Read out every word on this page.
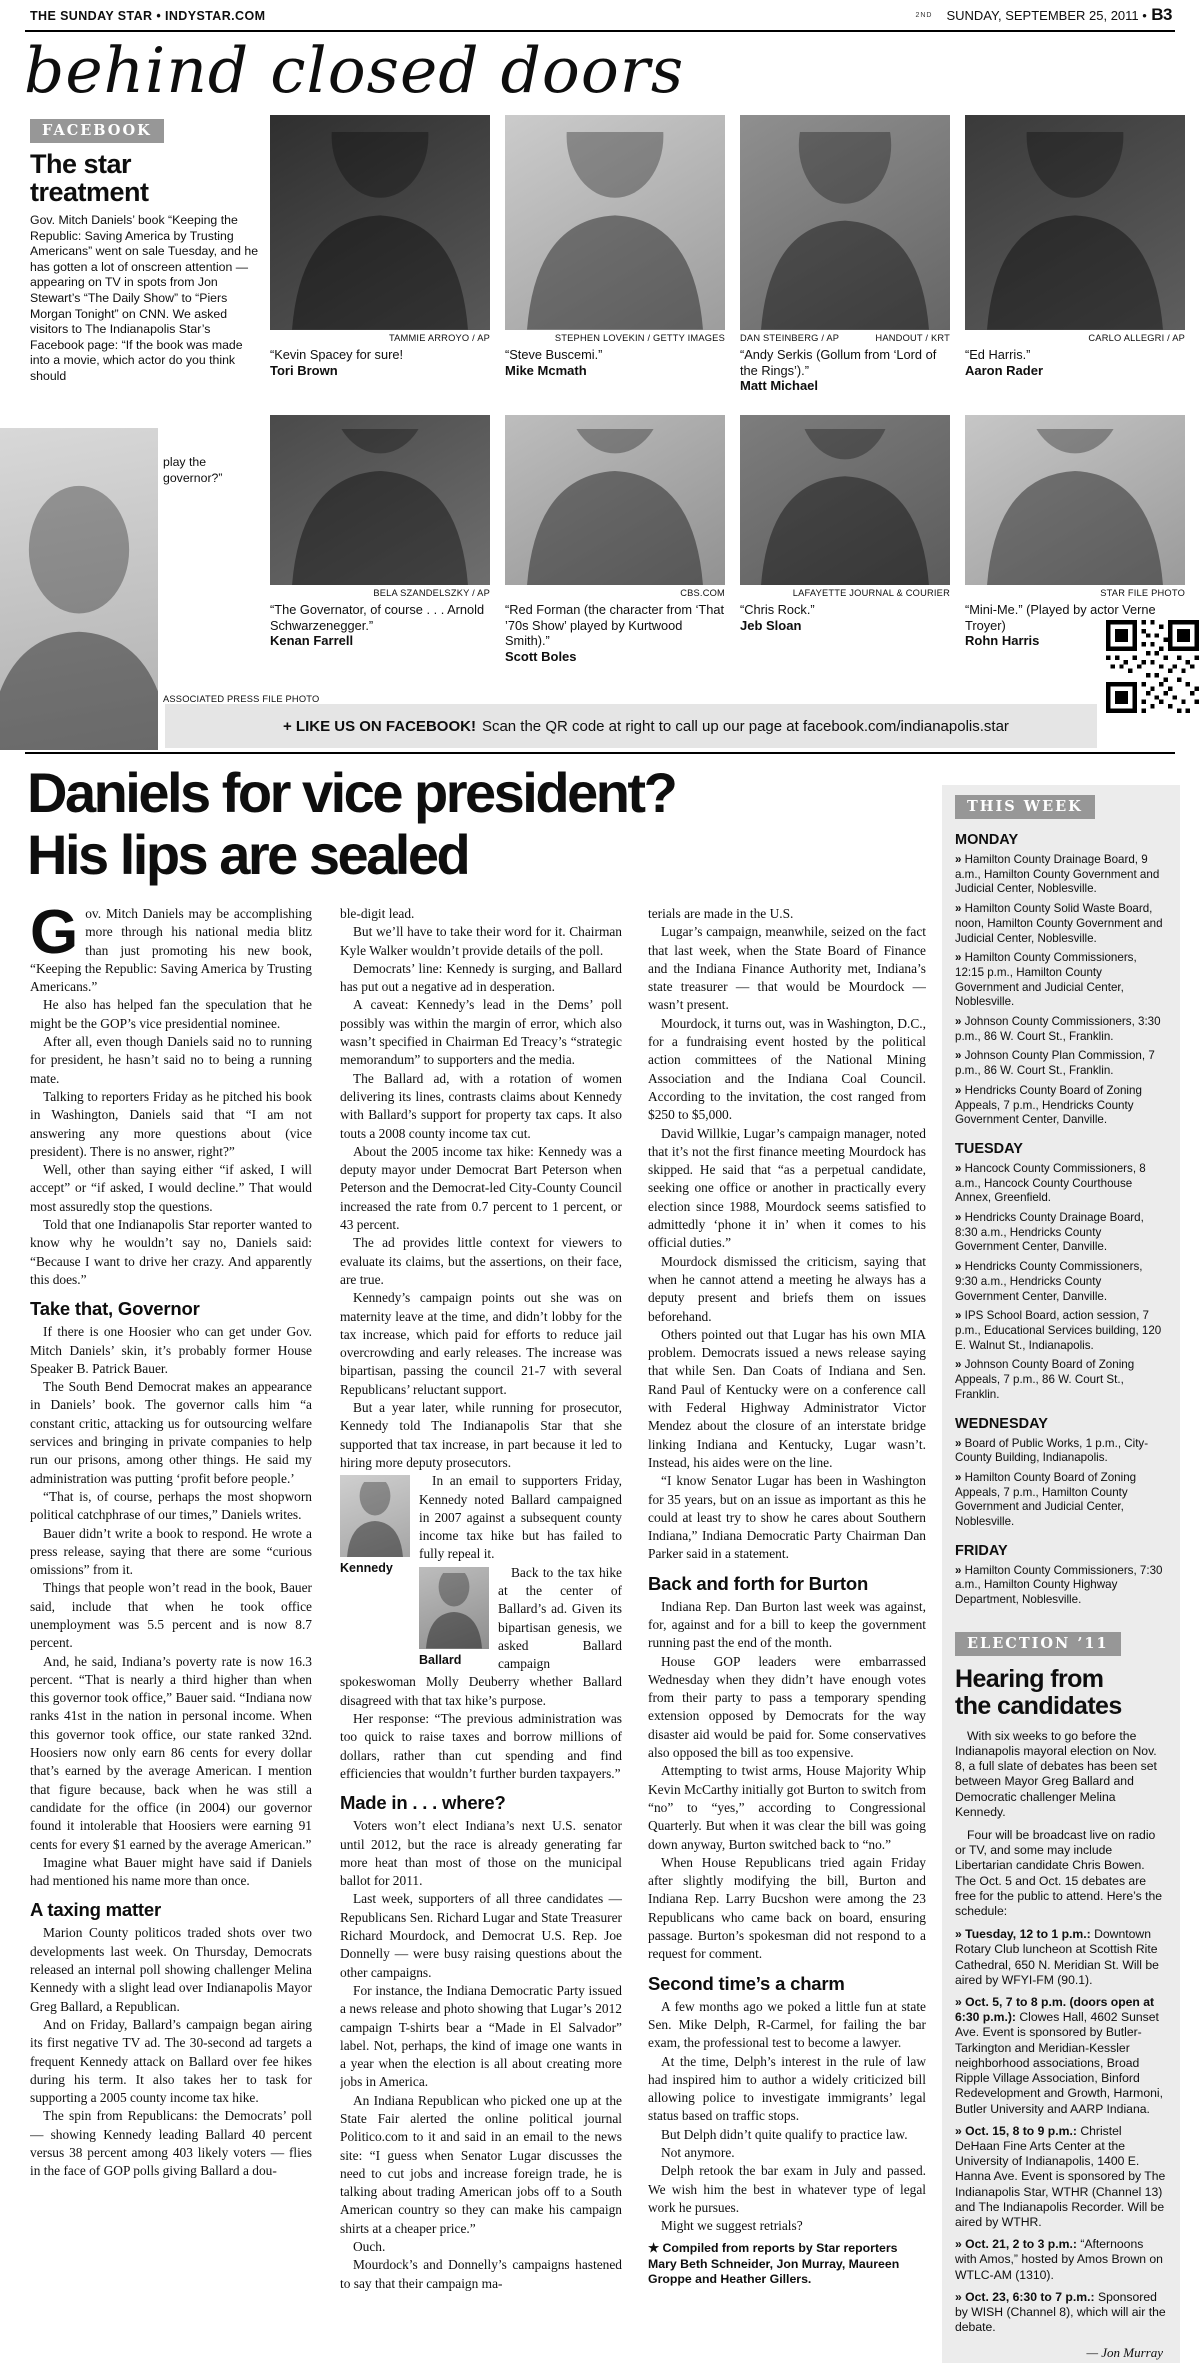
THE SUNDAY STAR • INDYSTAR.COM	2ND SUNDAY, SEPTEMBER 25, 2011 • B3
behind closed doors
FACEBOOK
The star treatment
Gov. Mitch Daniels’ book “Keeping the Republic: Saving America by Trusting Americans” went on sale Tuesday, and he has gotten a lot of onscreen attention — appearing on TV in spots from Jon Stewart’s “The Daily Show” to “Piers Morgan Tonight” on CNN. We asked visitors to The Indianapolis Star’s Facebook page: “If the book was made into a movie, which actor do you think should
play the governor?”
ASSOCIATED PRESS FILE PHOTO
TAMMIE ARROYO / AP
“Kevin Spacey for sure!
Tori Brown
STEPHEN LOVEKIN / GETTY IMAGES
“Steve Buscemi.”
Mike Mcmath
DAN STEINBERG / AP	HANDOUT / KRT
“Andy Serkis (Gollum from ‘Lord of the Rings’).”
Matt Michael
CARLO ALLEGRI / AP
“Ed Harris.”
Aaron Rader
BELA SZANDELSZKY / AP
“The Governator, of course . . . Arnold Schwarzenegger.”
Kenan Farrell
CBS.COM
“Red Forman (the character from ‘That ’70s Show’ played by Kurtwood Smith).”
Scott Boles
LAFAYETTE JOURNAL & COURIER
“Chris Rock.”
Jeb Sloan
STAR FILE PHOTO
“Mini-Me.” (Played by actor Verne Troyer)
Rohn Harris
+ LIKE US ON FACEBOOK! Scan the QR code at right to call up our page at facebook.com/indianapolis.star
Daniels for vice president?
His lips are sealed

Gov. Mitch Daniels may be accomplishing more through his national media blitz than just promoting his new book, “Keeping the Republic: Saving America by Trusting Americans.”

He also has helped fan the speculation that he might be the GOP’s vice presidential nominee.

After all, even though Daniels said no to running for president, he hasn’t said no to being a running mate.

Talking to reporters Friday as he pitched his book in Washington, Daniels said that “I am not answering any more questions about (vice president). There is no answer, right?”

Well, other than saying either “if asked, I will accept” or “if asked, I would decline.” That would most assuredly stop the questions.

Told that one Indianapolis Star reporter wanted to know why he wouldn’t say no, Daniels said: “Because I want to drive her crazy. And apparently this does.”

Take that, Governor

If there is one Hoosier who can get under Gov. Mitch Daniels’ skin, it’s probably former House Speaker B. Patrick Bauer.

The South Bend Democrat makes an appearance in Daniels’ book. The governor calls him “a constant critic, attacking us for outsourcing welfare services and bringing in private companies to help run our prisons, among other things. He said my administration was putting ‘profit before people.’

“That is, of course, perhaps the most shopworn political catchphrase of our times,” Daniels writes.

Bauer didn’t write a book to respond. He wrote a press release, saying that there are some “curious omissions” from it.

Things that people won’t read in the book, Bauer said, include that when he took office unemployment was 5.5 percent and is now 8.7 percent.

And, he said, Indiana’s poverty rate is now 16.3 percent. “That is nearly a third higher than when this governor took office,” Bauer said. “Indiana now ranks 41st in the nation in personal income. When this governor took office, our state ranked 32nd. Hoosiers now only earn 86 cents for every dollar that’s earned by the average American. I mention that figure because, back when he was still a candidate for the office (in 2004) our governor found it intolerable that Hoosiers were earning 91 cents for every $1 earned by the average American.”

Imagine what Bauer might have said if Daniels had mentioned his name more than once.

A taxing matter

Marion County politicos traded shots over two developments last week. On Thursday, Democrats released an internal poll showing challenger Melina Kennedy with a slight lead over Indianapolis Mayor Greg Ballard, a Republican.

And on Friday, Ballard’s campaign began airing its first negative TV ad. The 30-second ad targets a frequent Kennedy attack on Ballard over fee hikes during his term. It also takes her to task for supporting a 2005 county income tax hike.

The spin from Republicans: the Democrats’ poll — showing Kennedy leading Ballard 40 percent versus 38 percent among 403 likely voters — flies in the face of GOP polls giving Ballard a dou-

ble-digit lead.

But we’ll have to take their word for it. Chairman Kyle Walker wouldn’t provide details of the poll.

Democrats’ line: Kennedy is surging, and Ballard has put out a negative ad in desperation.

A caveat: Kennedy’s lead in the Dems’ poll possibly was within the margin of error, which also wasn’t specified in Chairman Ed Treacy’s “strategic memorandum” to supporters and the media.

The Ballard ad, with a rotation of women delivering its lines, contrasts claims about Kennedy with Ballard’s support for property tax caps. It also touts a 2008 county income tax cut.

About the 2005 income tax hike: Kennedy was a deputy mayor under Democrat Bart Peterson when Peterson and the Democrat-led City-County Council increased the rate from 0.7 percent to 1 percent, or 43 percent.

The ad provides little context for viewers to evaluate its claims, but the assertions, on their face, are true.

Kennedy’s campaign points out she was on maternity leave at the time, and didn’t lobby for the tax increase, which paid for efforts to reduce jail overcrowding and early releases. The increase was bipartisan, passing the council 21-7 with several Republicans’ reluctant support.

But a year later, while running for prosecutor, Kennedy told The Indianapolis Star that she supported that tax increase, in part because it led to hiring more deputy prosecutors.

Kennedy

In an email to supporters Friday, Kennedy noted Ballard campaigned in 2007 against a subsequent county income tax hike but has failed to fully repeal it.

Ballard

Back to the tax hike at the center of Ballard’s ad. Given its bipartisan genesis, we asked Ballard campaign spokeswoman Molly Deuberry whether Ballard disagreed with that tax hike’s purpose.

Her response: “The previous administration was too quick to raise taxes and borrow millions of dollars, rather than cut spending and find efficiencies that wouldn’t further burden taxpayers.”

Made in . . . where?

Voters won’t elect Indiana’s next U.S. senator until 2012, but the race is already generating far more heat than most of those on the municipal ballot for 2011.

Last week, supporters of all three candidates — Republicans Sen. Richard Lugar and State Treasurer Richard Mourdock, and Democrat U.S. Rep. Joe Donnelly — were busy raising questions about the other campaigns.

For instance, the Indiana Democratic Party issued a news release and photo showing that Lugar’s 2012 campaign T-shirts bear a “Made in El Salvador” label. Not, perhaps, the kind of image one wants in a year when the election is all about creating more jobs in America.

An Indiana Republican who picked one up at the State Fair alerted the online political journal Politico.com to it and said in an email to the news site: “I guess when Senator Lugar discusses the need to cut jobs and increase foreign trade, he is talking about trading American jobs off to a South American country so they can make his campaign shirts at a cheaper price.”

Ouch.

Mourdock’s and Donnelly’s campaigns hastened to say that their campaign ma-

terials are made in the U.S.

Lugar’s campaign, meanwhile, seized on the fact that last week, when the State Board of Finance and the Indiana Finance Authority met, Indiana’s state treasurer — that would be Mourdock — wasn’t present.

Mourdock, it turns out, was in Washington, D.C., for a fundraising event hosted by the political action committees of the National Mining Association and the Indiana Coal Council. According to the invitation, the cost ranged from $250 to $5,000.

David Willkie, Lugar’s campaign manager, noted that it’s not the first finance meeting Mourdock has skipped. He said that “as a perpetual candidate, seeking one office or another in practically every election since 1988, Mourdock seems satisfied to admittedly ‘phone it in’ when it comes to his official duties.”

Mourdock dismissed the criticism, saying that when he cannot attend a meeting he always has a deputy present and briefs them on issues beforehand.

Others pointed out that Lugar has his own MIA problem. Democrats issued a news release saying that while Sen. Dan Coats of Indiana and Sen. Rand Paul of Kentucky were on a conference call with Federal Highway Administrator Victor Mendez about the closure of an interstate bridge linking Indiana and Kentucky, Lugar wasn’t. Instead, his aides were on the line.

“I know Senator Lugar has been in Washington for 35 years, but on an issue as important as this he could at least try to show he cares about Southern Indiana,” Indiana Democratic Party Chairman Dan Parker said in a statement.

Back and forth for Burton

Indiana Rep. Dan Burton last week was against, for, against and for a bill to keep the government running past the end of the month.

House GOP leaders were embarrassed Wednesday when they didn’t have enough votes from their party to pass a temporary spending extension opposed by Democrats for the way disaster aid would be paid for. Some conservatives also opposed the bill as too expensive.

Attempting to twist arms, House Majority Whip Kevin McCarthy initially got Burton to switch from “no” to “yes,” according to Congressional Quarterly. But when it was clear the bill was going down anyway, Burton switched back to “no.”

When House Republicans tried again Friday after slightly modifying the bill, Burton and Indiana Rep. Larry Bucshon were among the 23 Republicans who came back on board, ensuring passage. Burton’s spokesman did not respond to a request for comment.

Second time’s a charm

A few months ago we poked a little fun at state Sen. Mike Delph, R-Carmel, for failing the bar exam, the professional test to become a lawyer.

At the time, Delph’s interest in the rule of law had inspired him to author a widely criticized bill allowing police to investigate immigrants’ legal status based on traffic stops.

But Delph didn’t quite qualify to practice law.

Not anymore.

Delph retook the bar exam in July and passed. We wish him the best in whatever type of legal work he pursues.

Might we suggest retrials?

★ Compiled from reports by Star reporters Mary Beth Schneider, Jon Murray, Maureen Groppe and Heather Gillers.
THIS WEEK
MONDAY
» Hamilton County Drainage Board, 9 a.m., Hamilton County Government and Judicial Center, Noblesville.
» Hamilton County Solid Waste Board, noon, Hamilton County Government and Judicial Center, Noblesville.
» Hamilton County Commissioners, 12:15 p.m., Hamilton County Government and Judicial Center, Noblesville.
» Johnson County Commissioners, 3:30 p.m., 86 W. Court St., Franklin.
» Johnson County Plan Commission, 7 p.m., 86 W. Court St., Franklin.
» Hendricks County Board of Zoning Appeals, 7 p.m., Hendricks County Government Center, Danville.
TUESDAY
» Hancock County Commissioners, 8 a.m., Hancock County Courthouse Annex, Greenfield.
» Hendricks County Drainage Board, 8:30 a.m., Hendricks County Government Center, Danville.
» Hendricks County Commissioners, 9:30 a.m., Hendricks County Government Center, Danville.
» IPS School Board, action session, 7 p.m., Educational Services building, 120 E. Walnut St., Indianapolis.
» Johnson County Board of Zoning Appeals, 7 p.m., 86 W. Court St., Franklin.
WEDNESDAY
» Board of Public Works, 1 p.m., City-County Building, Indianapolis.
» Hamilton County Board of Zoning Appeals, 7 p.m., Hamilton County Government and Judicial Center, Noblesville.
FRIDAY
» Hamilton County Commissioners, 7:30 a.m., Hamilton County Highway Department, Noblesville.
ELECTION ’11
Hearing from the candidates
With six weeks to go before the Indianapolis mayoral election on Nov. 8, a full slate of debates has been set between Mayor Greg Ballard and Democratic challenger Melina Kennedy.
Four will be broadcast live on radio or TV, and some may include Libertarian candidate Chris Bowen. The Oct. 5 and Oct. 15 debates are free for the public to attend. Here’s the schedule:
» Tuesday, 12 to 1 p.m.: Downtown Rotary Club luncheon at Scottish Rite Cathedral, 650 N. Meridian St. Will be aired by WFYI-FM (90.1).
» Oct. 5, 7 to 8 p.m. (doors open at 6:30 p.m.): Clowes Hall, 4602 Sunset Ave. Event is sponsored by Butler-Tarkington and Meridian-Kessler neighborhood associations, Broad Ripple Village Association, Binford Redevelopment and Growth, Harmoni, Butler University and AARP Indiana.
» Oct. 15, 8 to 9 p.m.: Christel DeHaan Fine Arts Center at the University of Indianapolis, 1400 E. Hanna Ave. Event is sponsored by The Indianapolis Star, WTHR (Channel 13) and The Indianapolis Recorder. Will be aired by WTHR.
» Oct. 21, 2 to 3 p.m.: “Afternoons with Amos,” hosted by Amos Brown on WTLC-AM (1310).
» Oct. 23, 6:30 to 7 p.m.: Sponsored by WISH (Channel 8), which will air the debate.
— Jon Murray
